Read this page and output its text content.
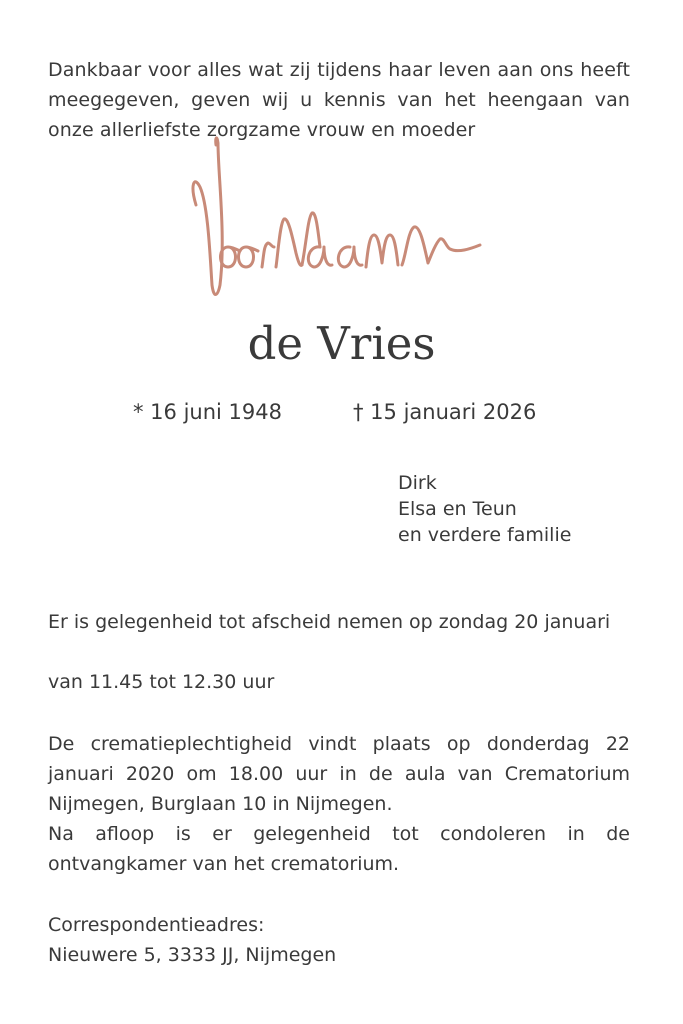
Dankbaar voor alles wat zij tijdens haar leven aan ons heeft meegegeven, geven wij u kennis van het heengaan van onze allerliefste zorgzame vrouw en moeder

de Vries
* 16 juni 1948	† 15 januari 2026
Dirk
Elsa en Teun
en verdere familie
Er is gelegenheid tot afscheid nemen op zondag 20 januari
van 11.45 tot 12.30 uur
De crematieplechtigheid vindt plaats op donderdag 22 januari 2020 om 18.00 uur in de aula van Crematorium Nijmegen, Burglaan 10 in Nijmegen.
Na afloop is er gelegenheid tot condoleren in de ontvangkamer van het crematorium.
Correspondentieadres:
Nieuwere 5, 3333 JJ, Nijmegen
